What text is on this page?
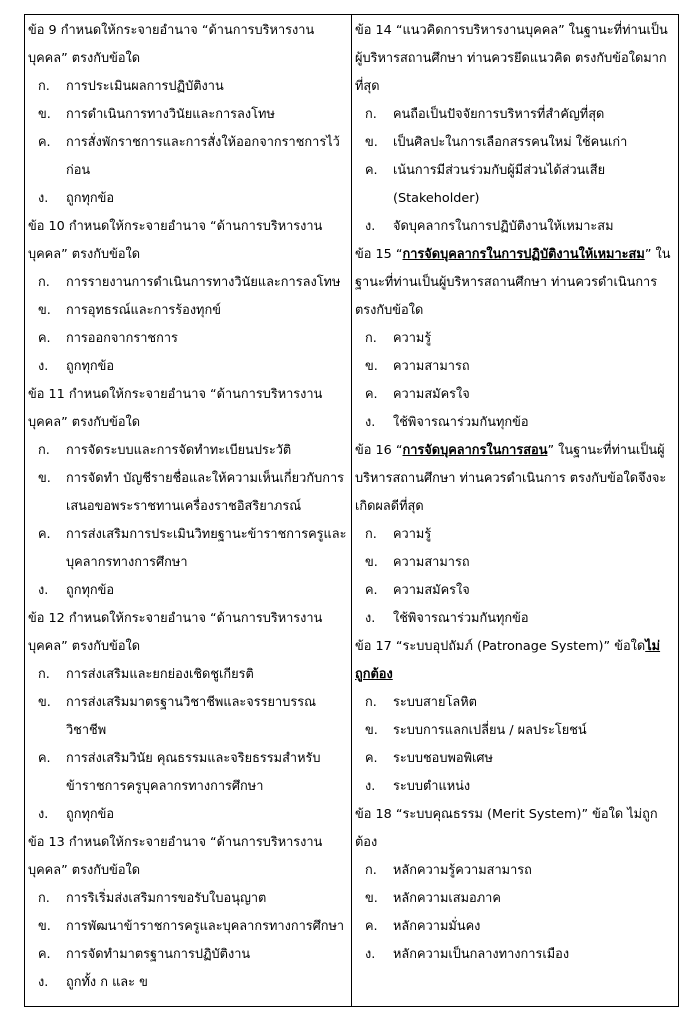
ข้อ 9 กำหนดให้กระจายอำนาจ “ด้านการบริหารงานบุคคล” ตรงกับข้อใด
ก.	การประเมินผลการปฏิบัติงาน
ข.	การดำเนินการทางวินัยและการลงโทษ
ค.	การสั่งพักราชการและการสั่งให้ออกจากราชการไว้ก่อน
ง.	ถูกทุกข้อ
ข้อ 10 กำหนดให้กระจายอำนาจ “ด้านการบริหารงานบุคคล” ตรงกับข้อใด
ก.	การรายงานการดำเนินการทางวินัยและการลงโทษ
ข.	การอุทธรณ์และการร้องทุกข์
ค.	การออกจากราชการ
ง.	ถูกทุกข้อ
ข้อ 11 กำหนดให้กระจายอำนาจ “ด้านการบริหารงานบุคคล” ตรงกับข้อใด
ก.	การจัดระบบและการจัดทำทะเบียนประวัติ
ข.	การจัดทำ บัญชีรายชื่อและให้ความเห็นเกี่ยวกับการเสนอขอพระราชทานเครื่องราชอิสริยาภรณ์
ค.	การส่งเสริมการประเมินวิทยฐานะข้าราชการครูและบุคลากรทางการศึกษา
ง.	ถูกทุกข้อ
ข้อ 12 กำหนดให้กระจายอำนาจ “ด้านการบริหารงานบุคคล” ตรงกับข้อใด
ก.	การส่งเสริมและยกย่องเชิดชูเกียรติ
ข.	การส่งเสริมมาตรฐานวิชาชีพและจรรยาบรรณวิชาชีพ
ค.	การส่งเสริมวินัย คุณธรรมและจริยธรรมสำหรับข้าราชการครูบุคลากรทางการศึกษา
ง.	ถูกทุกข้อ
ข้อ 13 กำหนดให้กระจายอำนาจ “ด้านการบริหารงานบุคคล” ตรงกับข้อใด
ก.	การริเริ่มส่งเสริมการขอรับใบอนุญาต
ข.	การพัฒนาข้าราชการครูและบุคลากรทางการศึกษา
ค.	การจัดทำมาตรฐานการปฏิบัติงาน
ง.	ถูกทั้ง ก และ ข
ข้อ 14 “แนวคิดการบริหารงานบุคคล” ในฐานะที่ท่านเป็นผู้บริหารสถานศึกษา ท่านควรยึดแนวคิด ตรงกับข้อใดมากที่สุด
ก.	คนถือเป็นปัจจัยการบริหารที่สำคัญที่สุด
ข.	เป็นศิลปะในการเลือกสรรคนใหม่ ใช้คนเก่า
ค.	เน้นการมีส่วนร่วมกับผู้มีส่วนได้ส่วนเสีย (Stakeholder)
ง.	จัดบุคลากรในการปฏิบัติงานให้เหมาะสม
ข้อ 15 “การจัดบุคลากรในการปฏิบัติงานให้เหมาะสม” ในฐานะที่ท่านเป็นผู้บริหารสถานศึกษา ท่านควรดำเนินการ ตรงกับข้อใด
ก.	ความรู้
ข.	ความสามารถ
ค.	ความสมัครใจ
ง.	ใช้พิจารณาร่วมกันทุกข้อ
ข้อ 16 “การจัดบุคลากรในการสอน” ในฐานะที่ท่านเป็นผู้บริหารสถานศึกษา ท่านควรดำเนินการ ตรงกับข้อใดจึงจะเกิดผลดีที่สุด
ก.	ความรู้
ข.	ความสามารถ
ค.	ความสมัครใจ
ง.	ใช้พิจารณาร่วมกันทุกข้อ
ข้อ 17 “ระบบอุปถัมภ์ (Patronage System)” ข้อใดไม่ถูกต้อง
ก.	ระบบสายโลหิต
ข.	ระบบการแลกเปลี่ยน / ผลประโยชน์
ค.	ระบบชอบพอพิเศษ
ง.	ระบบตำแหน่ง
ข้อ 18 “ระบบคุณธรรม (Merit System)” ข้อใด ไม่ถูกต้อง
ก.	หลักความรู้ความสามารถ
ข.	หลักความเสมอภาค
ค.	หลักความมั่นคง
ง.	หลักความเป็นกลางทางการเมือง
